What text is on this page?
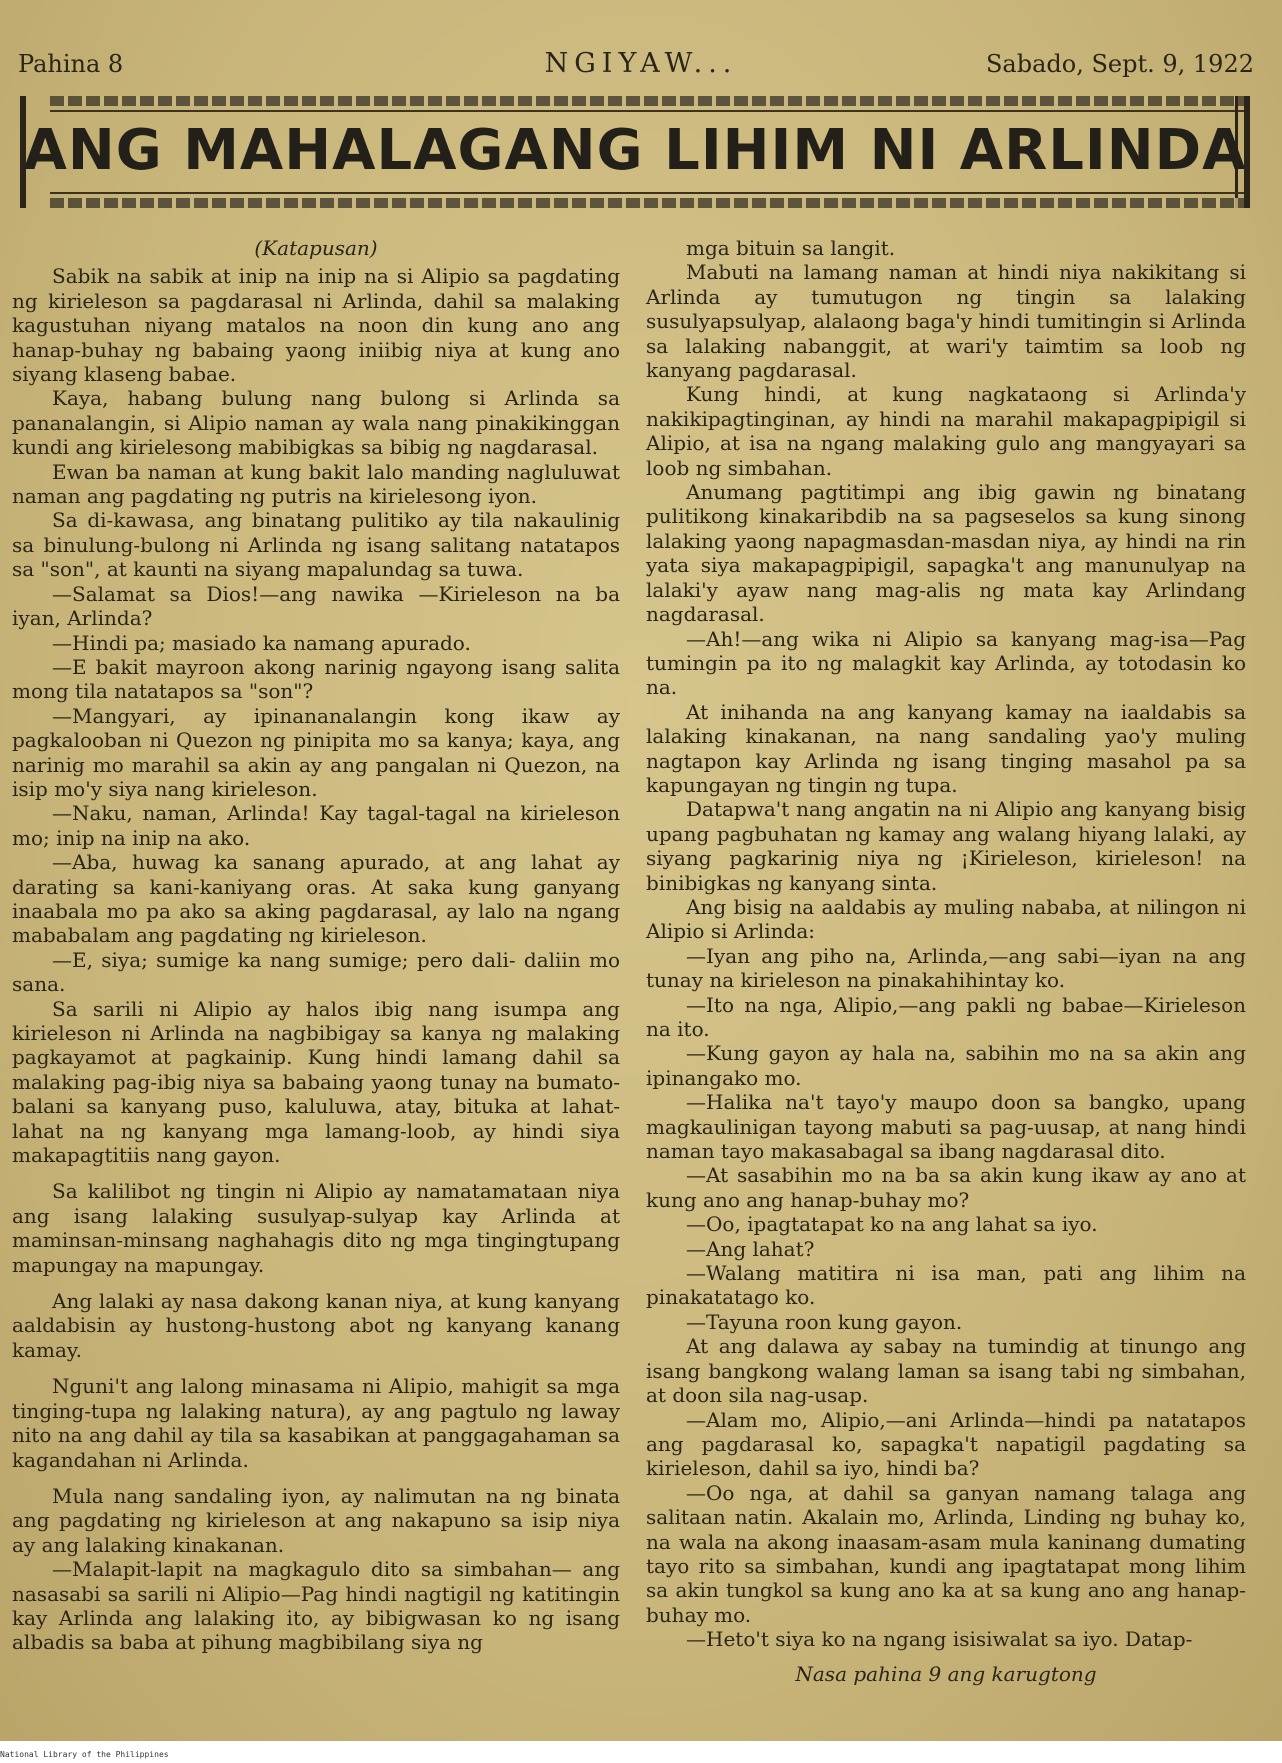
Pahina 8	NGIYAW...	Sabado, Sept. 9, 1922
ANG MAHALAGANG LIHIM NI ARLINDA

(Katapusan)

Sabik na sabik at inip na inip na si Alipio sa pagdating ng kirieleson sa pagdarasal ni Arlinda, dahil sa malaking kagustuhan niyang matalos na noon din kung ano ang hanap-buhay ng babaing yaong iniibig niya at kung ano siyang klaseng babae.

Kaya, habang bulung nang bulong si Arlinda sa pananalangin, si Alipio naman ay wala nang pinakikinggan kundi ang kirielesong mabibigkas sa bibig ng nagdarasal.

Ewan ba naman at kung bakit lalo manding nagluluwat naman ang pagdating ng putris na kirielesong iyon.

Sa di-kawasa, ang binatang pulitiko ay tila nakaulinig sa binulung-bulong ni Arlinda ng isang salitang natatapos sa "son", at kaunti na siyang mapalundag sa tuwa.

—Salamat sa Dios!—ang nawika —Kirieleson na ba iyan, Arlinda?

—Hindi pa; masiado ka namang apurado.

—E bakit mayroon akong narinig ngayong isang salita mong tila natatapos sa "son"?

—Mangyari, ay ipinananalangin kong ikaw ay pagkalooban ni Quezon ng pinipita mo sa kanya; kaya, ang narinig mo marahil sa akin ay ang pangalan ni Quezon, na isip mo'y siya nang kirieleson.

—Naku, naman, Arlinda! Kay tagal-tagal na kirieleson mo; inip na inip na ako.

—Aba, huwag ka sanang apurado, at ang lahat ay darating sa kani-kaniyang oras. At saka kung ganyang inaabala mo pa ako sa aking pagdarasal, ay lalo na ngang mababalam ang pagdating ng kirieleson.

—E, siya; sumige ka nang sumige; pero dali- daliin mo sana.

Sa sarili ni Alipio ay halos ibig nang isumpa ang kirieleson ni Arlinda na nagbibigay sa kanya ng malaking pagkayamot at pagkainip. Kung hindi lamang dahil sa malaking pag-ibig niya sa babaing yaong tunay na bumato-balani sa kanyang puso, kaluluwa, atay, bituka at lahat-lahat na ng kanyang mga lamang-loob, ay hindi siya makapagtitiis nang gayon.

Sa kalilibot ng tingin ni Alipio ay namatamataan niya ang isang lalaking susulyap-sulyap kay Arlinda at maminsan-minsang naghahagis dito ng mga tingingtupang mapungay na mapungay.

Ang lalaki ay nasa dakong kanan niya, at kung kanyang aaldabisin ay hustong-hustong abot ng kanyang kanang kamay.

Nguni't ang lalong minasama ni Alipio, mahigit sa mga tinging-tupa ng lalaking natura), ay ang pagtulo ng laway nito na ang dahil ay tila sa kasabikan at panggagahaman sa kagandahan ni Arlinda.

Mula nang sandaling iyon, ay nalimutan na ng binata ang pagdating ng kirieleson at ang nakapuno sa isip niya ay ang lalaking kinakanan.

—Malapit-lapit na magkagulo dito sa simbahan— ang nasasabi sa sarili ni Alipio—Pag hindi nagtigil ng katitingin kay Arlinda ang lalaking ito, ay bibigwasan ko ng isang albadis sa baba at pihung magbibilang siya ng

mga bituin sa langit.

Mabuti na lamang naman at hindi niya nakikitang si Arlinda ay tumutugon ng tingin sa lalaking susulyapsulyap, alalaong baga'y hindi tumitingin si Arlinda sa lalaking nabanggit, at wari'y taimtim sa loob ng kanyang pagdarasal.

Kung hindi, at kung nagkataong si Arlinda'y nakikipagtinginan, ay hindi na marahil makapagpipigil si Alipio, at isa na ngang malaking gulo ang mangyayari sa loob ng simbahan.

Anumang pagtitimpi ang ibig gawin ng binatang pulitikong kinakaribdib na sa pagseselos sa kung sinong lalaking yaong napagmasdan-masdan niya, ay hindi na rin yata siya makapagpipigil, sapagka't ang manunulyap na lalaki'y ayaw nang mag-alis ng mata kay Arlindang nagdarasal.

—Ah!—ang wika ni Alipio sa kanyang mag-isa—Pag tumingin pa ito ng malagkit kay Arlinda, ay totodasin ko na.

At inihanda na ang kanyang kamay na iaaldabis sa lalaking kinakanan, na nang sandaling yao'y muling nagtapon kay Arlinda ng isang tinging masahol pa sa kapungayan ng tingin ng tupa.

Datapwa't nang angatin na ni Alipio ang kanyang bisig upang pagbuhatan ng kamay ang walang hiyang lalaki, ay siyang pagkarinig niya ng ¡Kirieleson, kirieleson! na binibigkas ng kanyang sinta.

Ang bisig na aaldabis ay muling nababa, at nilingon ni Alipio si Arlinda:

—Iyan ang piho na, Arlinda,—ang sabi—iyan na ang tunay na kirieleson na pinakahihintay ko.

—Ito na nga, Alipio,—ang pakli ng babae—Kirieleson na ito.

—Kung gayon ay hala na, sabihin mo na sa akin ang ipinangako mo.

—Halika na't tayo'y maupo doon sa bangko, upang magkaulinigan tayong mabuti sa pag-uusap, at nang hindi naman tayo makasabagal sa ibang nagdarasal dito.

—At sasabihin mo na ba sa akin kung ikaw ay ano at kung ano ang hanap-buhay mo?

—Oo, ipagtatapat ko na ang lahat sa iyo.

—Ang lahat?

—Walang matitira ni isa man, pati ang lihim na pinakatatago ko.

—Tayuna roon kung gayon.

At ang dalawa ay sabay na tumindig at tinungo ang isang bangkong walang laman sa isang tabi ng simbahan, at doon sila nag-usap.

—Alam mo, Alipio,—ani Arlinda—hindi pa natatapos ang pagdarasal ko, sapagka't napatigil pagdating sa kirieleson, dahil sa iyo, hindi ba?

—Oo nga, at dahil sa ganyan namang talaga ang salitaan natin. Akalain mo, Arlinda, Linding ng buhay ko, na wala na akong inaasam-asam mula kaninang dumating tayo rito sa simbahan, kundi ang ipagtatapat mong lihim sa akin tungkol sa kung ano ka at sa kung ano ang hanap-buhay mo.

—Heto't siya ko na ngang isisiwalat sa iyo. Datap-

Nasa pahina 9 ang karugtong

National Library of the Philippines
